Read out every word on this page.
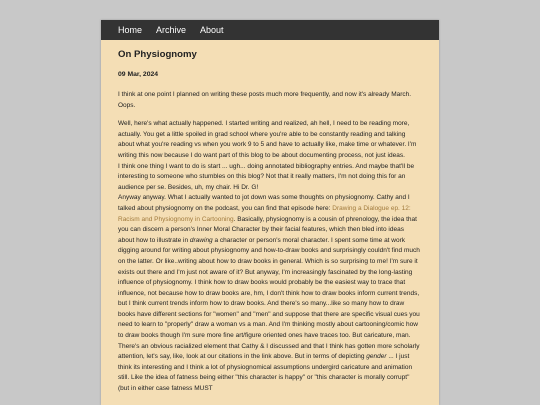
Home Archive About
On Physiognomy

09 Mar, 2024

I think at one point I planned on writing these posts much more frequently, and now it's already March. Oops.

Well, here's what actually happened. I started writing and realized, ah hell, I need to be reading more, actually. You get a little spoiled in grad school where you're able to be constantly reading and talking about what you're reading vs when you work 9 to 5 and have to actually like, make time or whatever. I'm writing this now because I do want part of this blog to be about documenting process, not just ideas.

I think one thing I want to do is start ... ugh... doing annotated bibliography entries. And maybe that'll be interesting to someone who stumbles on this blog? Not that it really matters, I'm not doing this for an audience per se. Besides, uh, my chair. Hi Dr. G!

Anyway anyway. What I actually wanted to jot down was some thoughts on physiognomy. Cathy and I talked about physiognomy on the podcast, you can find that episode here: Drawing a Dialogue ep. 12: Racism and Physiognomy in Cartooning. Basically, physiognomy is a cousin of phrenology, the idea that you can discern a person's Inner Moral Character by their facial features, which then bled into ideas about how to illustrate in drawing a character or person's moral character. I spent some time at work digging around for writing about physiognomy and how-to-draw books and surprisingly couldn't find much on the latter. Or like..writing about how to draw books in general. Which is so surprising to me! I'm sure it exists out there and I'm just not aware of it? But anyway, I'm increasingly fascinated by the long-lasting influence of physiognomy. I think how to draw books would probably be the easiest way to trace that influence, not because how to draw books are, hm, I don't think how to draw books inform current trends, but I think current trends inform how to draw books. And there's so many...like so many how to draw books have different sections for "women" and "men" and suppose that there are specific visual cues you need to learn to "properly" draw a woman vs a man. And I'm thinking mostly about cartooning/comic how to draw books though I'm sure more fine art/figure oriented ones have traces too. But caricature, man. There's an obvious racialized element that Cathy & I discussed and that I think has gotten more scholarly attention, let's say, like, look at our citations in the link above. But in terms of depicting gender ... I just think its interesting and I think a lot of physiognomical assumptions undergird caricature and animation still. Like the idea of fatness being either "this character is happy" or "this character is morally corrupt" (but in either case fatness MUST
